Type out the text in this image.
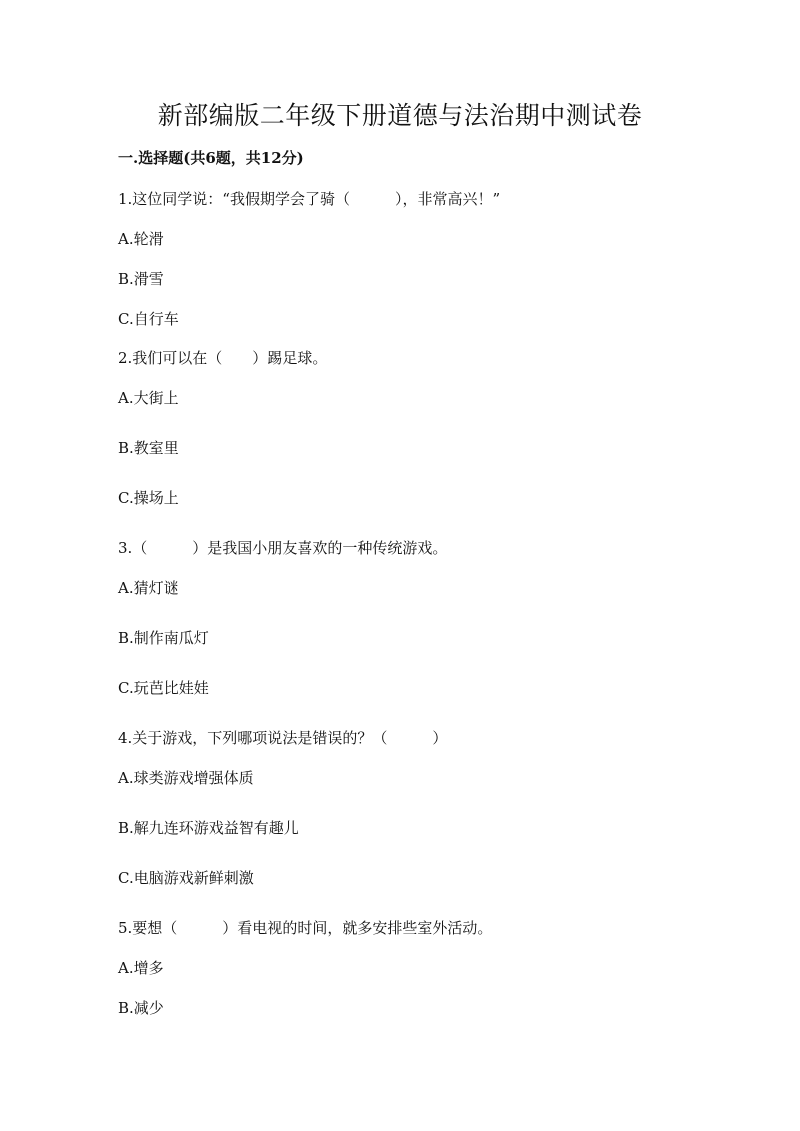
新部编版二年级下册道德与法治期中测试卷
一.选择题(共6题，共12分)
1.这位同学说：“我假期学会了骑（　　　），非常高兴！”
A.轮滑
B.滑雪
C.自行车
2.我们可以在（　　）踢足球。
A.大街上
B.教室里
C.操场上
3.（　　　）是我国小朋友喜欢的一种传统游戏。
A.猜灯谜
B.制作南瓜灯
C.玩芭比娃娃
4.关于游戏，下列哪项说法是错误的？（　　　）
A.球类游戏增强体质
B.解九连环游戏益智有趣儿
C.电脑游戏新鲜刺激
5.要想（　　　）看电视的时间，就多安排些室外活动。
A.增多
B.减少
